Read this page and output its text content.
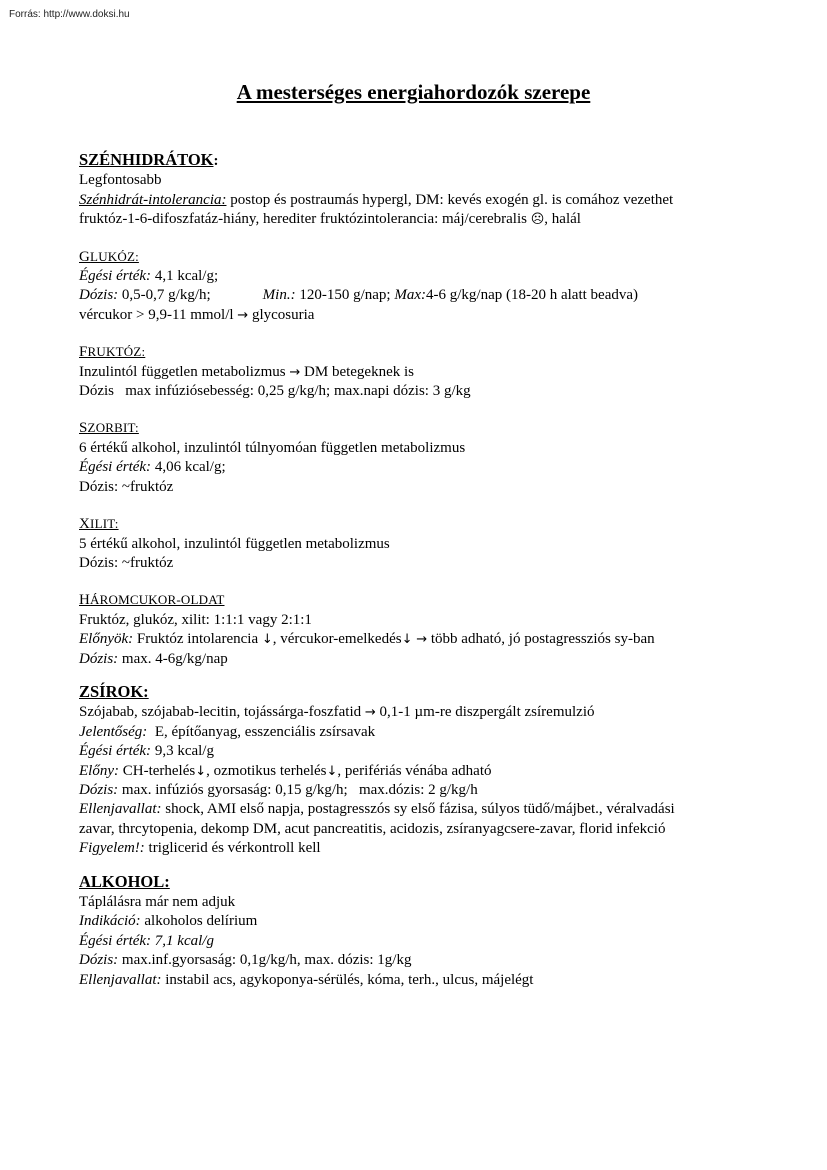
Forrás: http://www.doksi.hu
A mesterséges energiahordozók szerepe
SZÉNHIDRÁTOK:
Legfontosabb
Szénhidrát-intolerancia: postop és postraumás hypergl, DM: kevés exogén gl. is comához vezethet
fruktóz-1-6-difoszfatáz-hiány, herediter fruktózintolerancia: máj/cerebralis ☹, halál
GLUKÓZ:
Égési érték: 4,1 kcal/g;
Dózis: 0,5-0,7 g/kg/h;	Min.: 120-150 g/nap; Max:4-6 g/kg/nap (18-20 h alatt beadva)
vércukor > 9,9-11 mmol/l → glycosuria
FRUKTÓZ:
Inzulintól független metabolizmus → DM betegeknek is
Dózis   max infúziósebesség: 0,25 g/kg/h; max.napi dózis: 3 g/kg
SZORBIT:
6 értékű alkohol, inzulintól túlnyomóan független metabolizmus
Égési érték: 4,06 kcal/g;
Dózis: ~fruktóz
XILIT:
5 értékű alkohol, inzulintól független metabolizmus
Dózis: ~fruktóz
HÁROMCUKOR-OLDAT
Fruktóz, glukóz, xilit: 1:1:1 vagy 2:1:1
Előnyök: Fruktóz intolarencia ↓, vércukor-emelkedés↓ → több adható, jó postagressziós sy-ban
Dózis: max. 4-6g/kg/nap
ZSÍROK:
Szójabab, szójabab-lecitin, tojássárga-foszfatid → 0,1-1 µm-re diszpergált zsíremulzió
Jelentőség:  E, építőanyag, esszenciális zsírsavak
Égési érték: 9,3 kcal/g
Előny: CH-terhelés↓, ozmotikus terhelés↓, perifériás vénába adható
Dózis: max. infúziós gyorsaság: 0,15 g/kg/h;   max.dózis: 2 g/kg/h
Ellenjavallat: shock, AMI első napja, postagresszós sy első fázisa, súlyos tüdő/májbet., véralvadási
zavar, thrcytopenia, dekomp DM, acut pancreatitis, acidozis, zsíranyagcsere-zavar, florid infekció
Figyelem!: triglicerid és vérkontroll kell
ALKOHOL:
Táplálásra már nem adjuk
Indikáció: alkoholos delírium
Égési érték: 7,1 kcal/g
Dózis: max.inf.gyorsaság: 0,1g/kg/h, max. dózis: 1g/kg
Ellenjavallat: instabil acs, agykoponya-sérülés, kóma, terh., ulcus, májelégt
